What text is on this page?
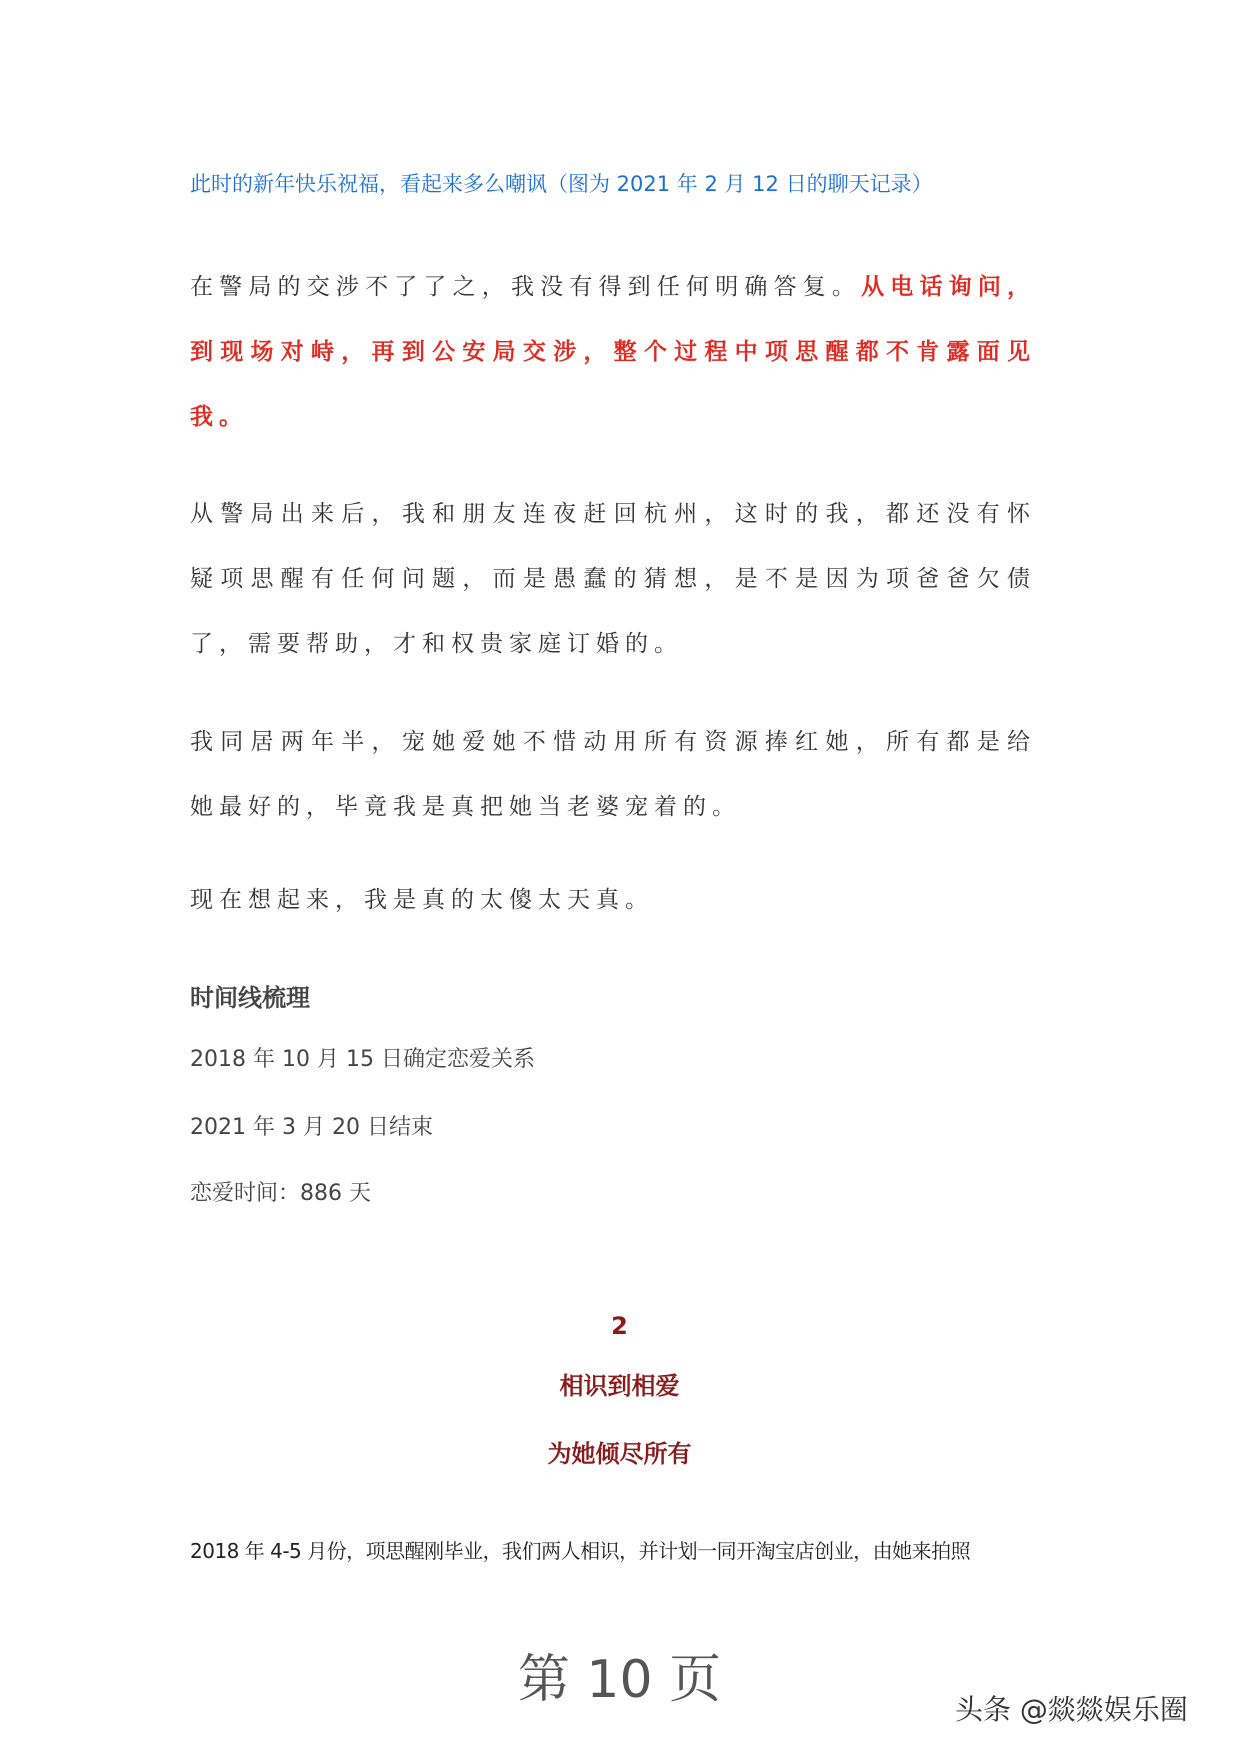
此时的新年快乐祝福，看起来多么嘲讽（图为 2021 年 2 月 12 日的聊天记录）
在警局的交涉不了了之，我没有得到任何明确答复。从电话询问，
到现场对峙，再到公安局交涉，整个过程中项思醒都不肯露面见
我。
从警局出来后，我和朋友连夜赶回杭州，这时的我，都还没有怀
疑项思醒有任何问题，而是愚蠢的猜想，是不是因为项爸爸欠债
了，需要帮助，才和权贵家庭订婚的。
我同居两年半，宠她爱她不惜动用所有资源捧红她，所有都是给
她最好的，毕竟我是真把她当老婆宠着的。
现在想起来，我是真的太傻太天真。
时间线梳理
2018 年 10 月 15 日确定恋爱关系
2021 年 3 月 20 日结束
恋爱时间：886 天
2
相识到相爱
为她倾尽所有
2018 年 4-5 月份，项思醒刚毕业，我们两人相识，并计划一同开淘宝店创业，由她来拍照
第 10 页	头条 @燚燚娱乐圈
